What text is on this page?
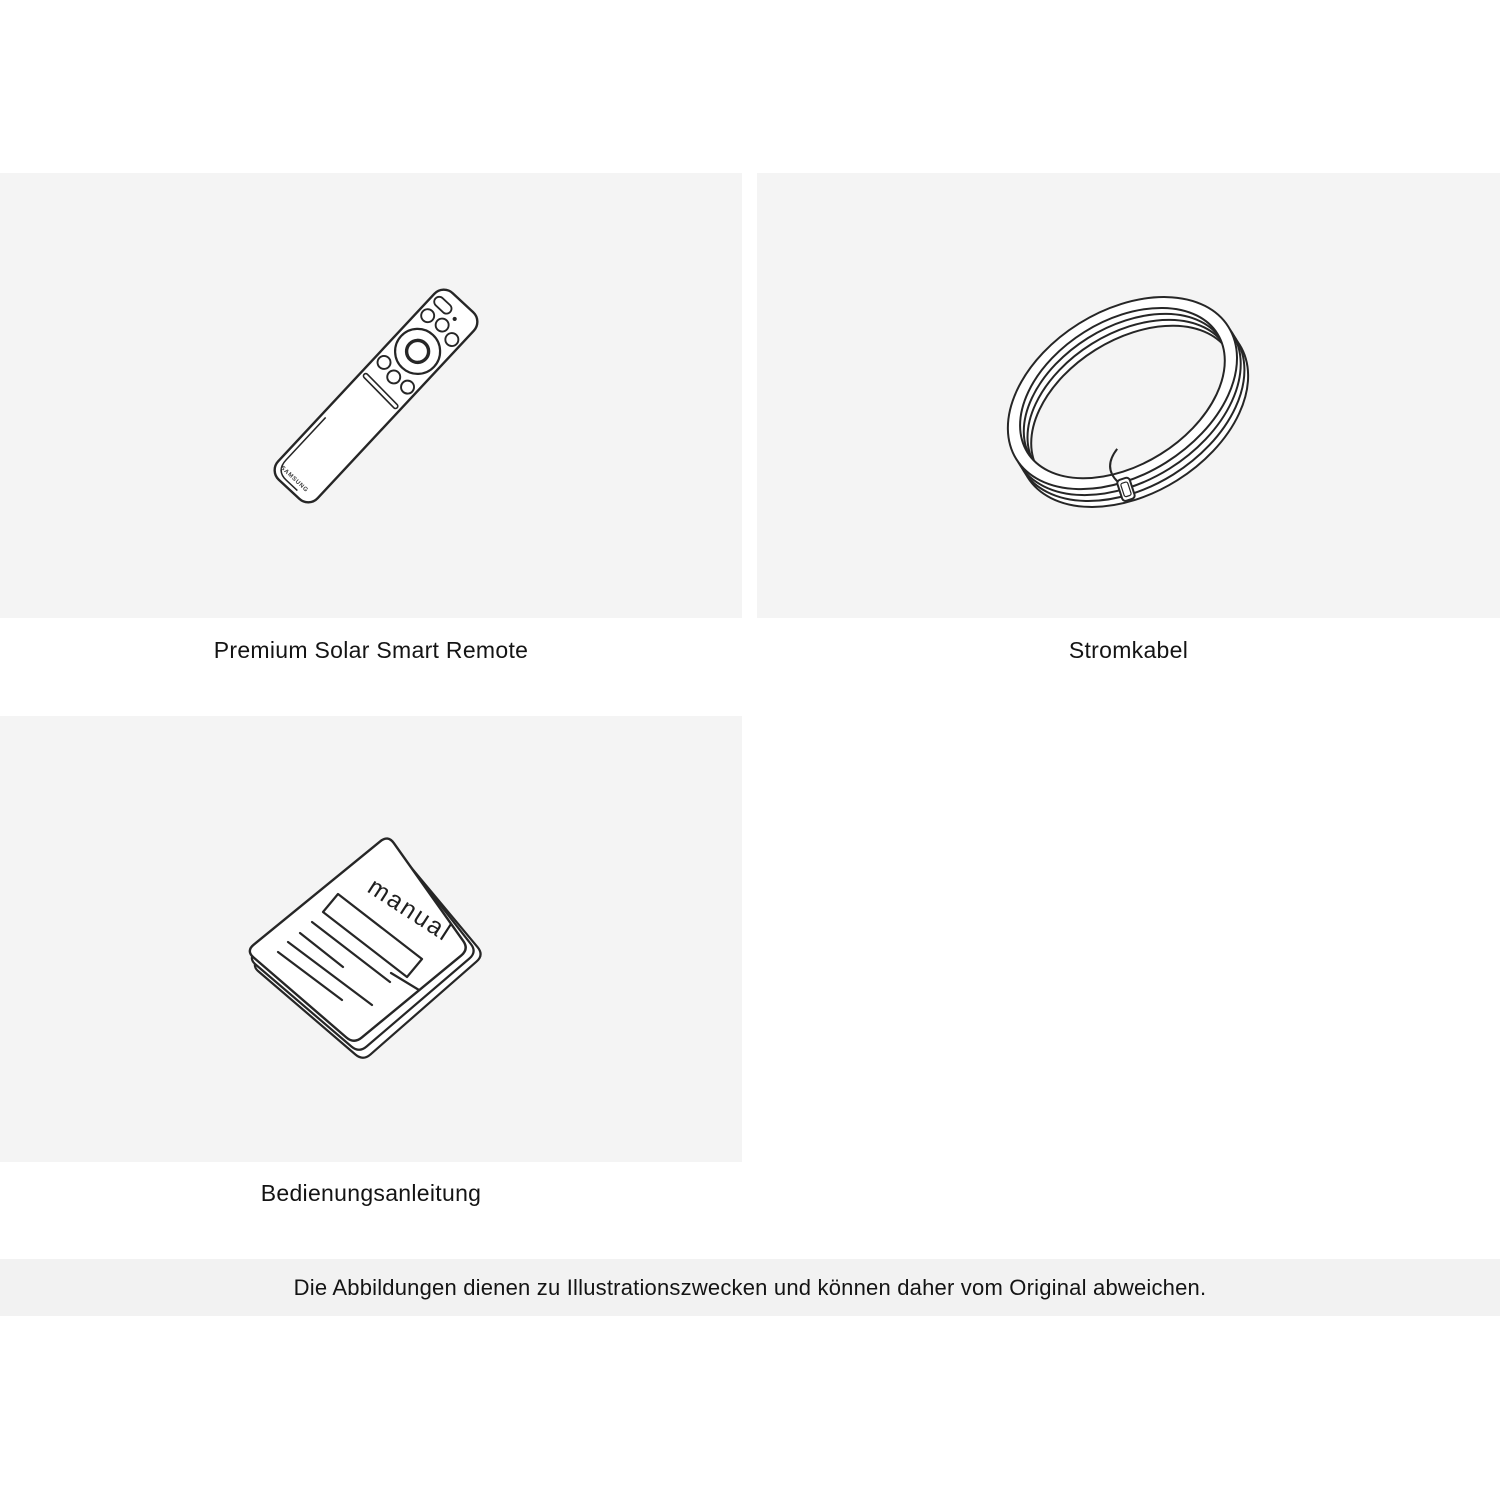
SAMSUNG
manual
Premium Solar Smart Remote	Stromkabel
Bedienungsanleitung
Die Abbildungen dienen zu Illustrationszwecken und können daher vom Original abweichen.
